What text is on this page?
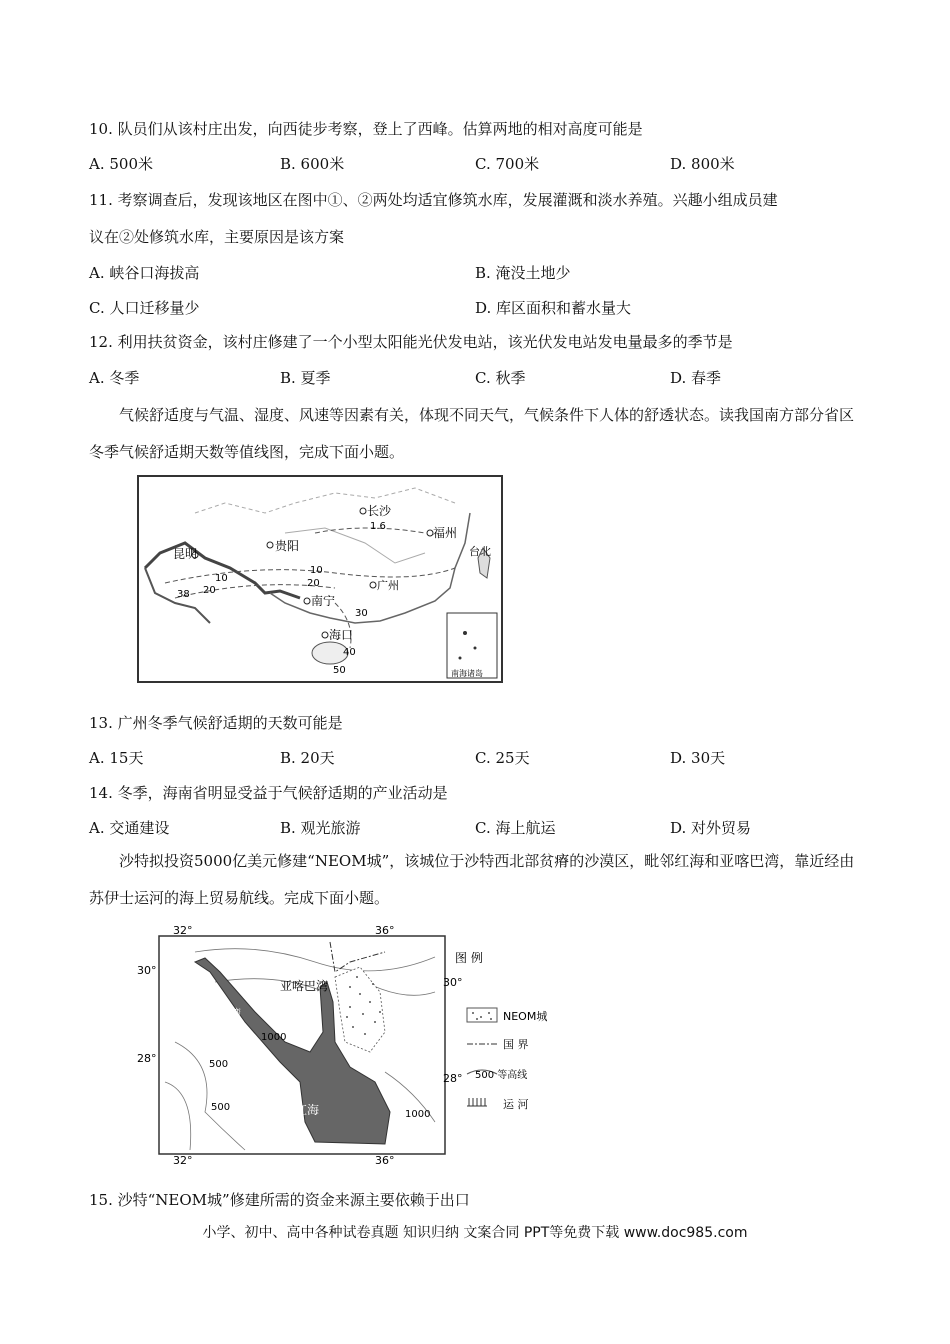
10. 队员们从该村庄出发，向西徒步考察，登上了西峰。估算两地的相对高度可能是
A. 500米	B. 600米	C. 700米	D. 800米
11. 考察调查后，发现该地区在图中①、②两处均适宜修筑水库，发展灌溉和淡水养殖。兴趣小组成员建
议在②处修筑水库，主要原因是该方案
A. 峡谷口海拔高	B. 淹没土地少
C. 人口迁移量少	D. 库区面积和蓄水量大
12. 利用扶贫资金，该村庄修建了一个小型太阳能光伏发电站，该光伏发电站发电量最多的季节是
A. 冬季	B. 夏季	C. 秋季	D. 春季
气候舒适度与气温、湿度、风速等因素有关，体现不同天气，气候条件下人体的舒透状态。读我国南方部分省区冬季气候舒适期天数等值线图，完成下面小题。
长沙
贵阳
福州
台北
昆明
南宁
广州
海口
1.6
10
20
30
38
40
50
10
20
南海诸岛
13. 广州冬季气候舒适期的天数可能是
A. 15天	B. 20天	C. 25天	D. 30天
14. 冬季，海南省明显受益于气候舒适期的产业活动是
A. 交通建设	B. 观光旅游	C. 海上航运	D. 对外贸易
沙特拟投资5000亿美元修建“NEOM城”，该城位于沙特西北部贫瘠的沙漠区，毗邻红海和亚喀巴湾，靠近经由苏伊士运河的海上贸易航线。完成下面小题。
32°	36°
32°	36°
30°
30°
28°
28°
亚喀巴湾
苏伊士湾
红海
1000
500
500
1000
图 例
NEOM城
国 界
500 等高线
运 河
15. 沙特“NEOM城”修建所需的资金来源主要依赖于出口
小学、初中、高中各种试卷真题 知识归纳 文案合同 PPT等免费下载 www.doc985.com
